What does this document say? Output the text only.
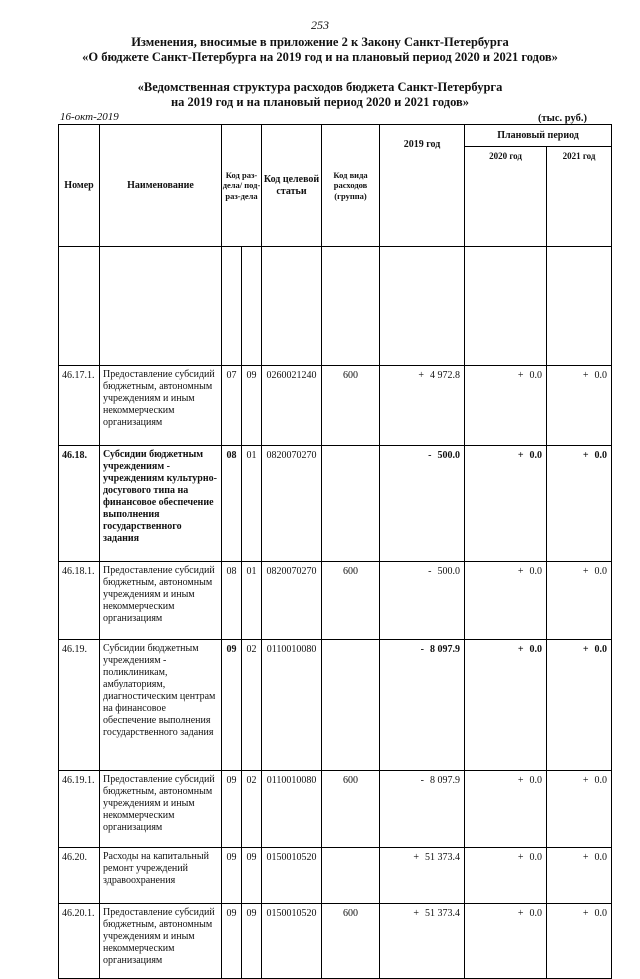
253
Изменения, вносимые в приложение 2 к Закону Санкт-Петербурга
«О бюджете Санкт-Петербурга на 2019 год и на плановый период 2020 и 2021 годов»
«Ведомственная структура расходов бюджета Санкт-Петербурга
на 2019 год и на плановый период 2020 и 2021 годов»
16-окт-2019	(тыс. руб.)
Номер	Наименование	Код раз-дела/ под-раз-дела		Код целевой статьи	Код вида расходов (группа)	2019 год	Плановый период	
							2020 год	2021 год

46.17.1.	Предоставление субсидий бюджетным, автономным учреждениям и иным некоммерческим организациям	07	09	0260021240	600	+ 4 972.8	+ 0.0	+ 0.0
46.18.	Субсидии бюджетным учреждениям - учреждениям культурно-досугового типа на финансовое обеспечение выполнения государственного задания	08	01	0820070270		- 500.0	+ 0.0	+ 0.0
46.18.1.	Предоставление субсидий бюджетным, автономным учреждениям и иным некоммерческим организациям	08	01	0820070270	600	- 500.0	+ 0.0	+ 0.0
46.19.	Субсидии бюджетным учреждениям - поликлиникам, амбулаториям, диагностическим центрам на финансовое обеспечение выполнения государственного задания	09	02	0110010080		- 8 097.9	+ 0.0	+ 0.0
46.19.1.	Предоставление субсидий бюджетным, автономным учреждениям и иным некоммерческим организациям	09	02	0110010080	600	- 8 097.9	+ 0.0	+ 0.0
46.20.	Расходы на капитальный ремонт учреждений здравоохранения	09	09	0150010520		+ 51 373.4	+ 0.0	+ 0.0
46.20.1.	Предоставление субсидий бюджетным, автономным учреждениям и иным некоммерческим организациям	09	09	0150010520	600	+ 51 373.4	+ 0.0	+ 0.0
